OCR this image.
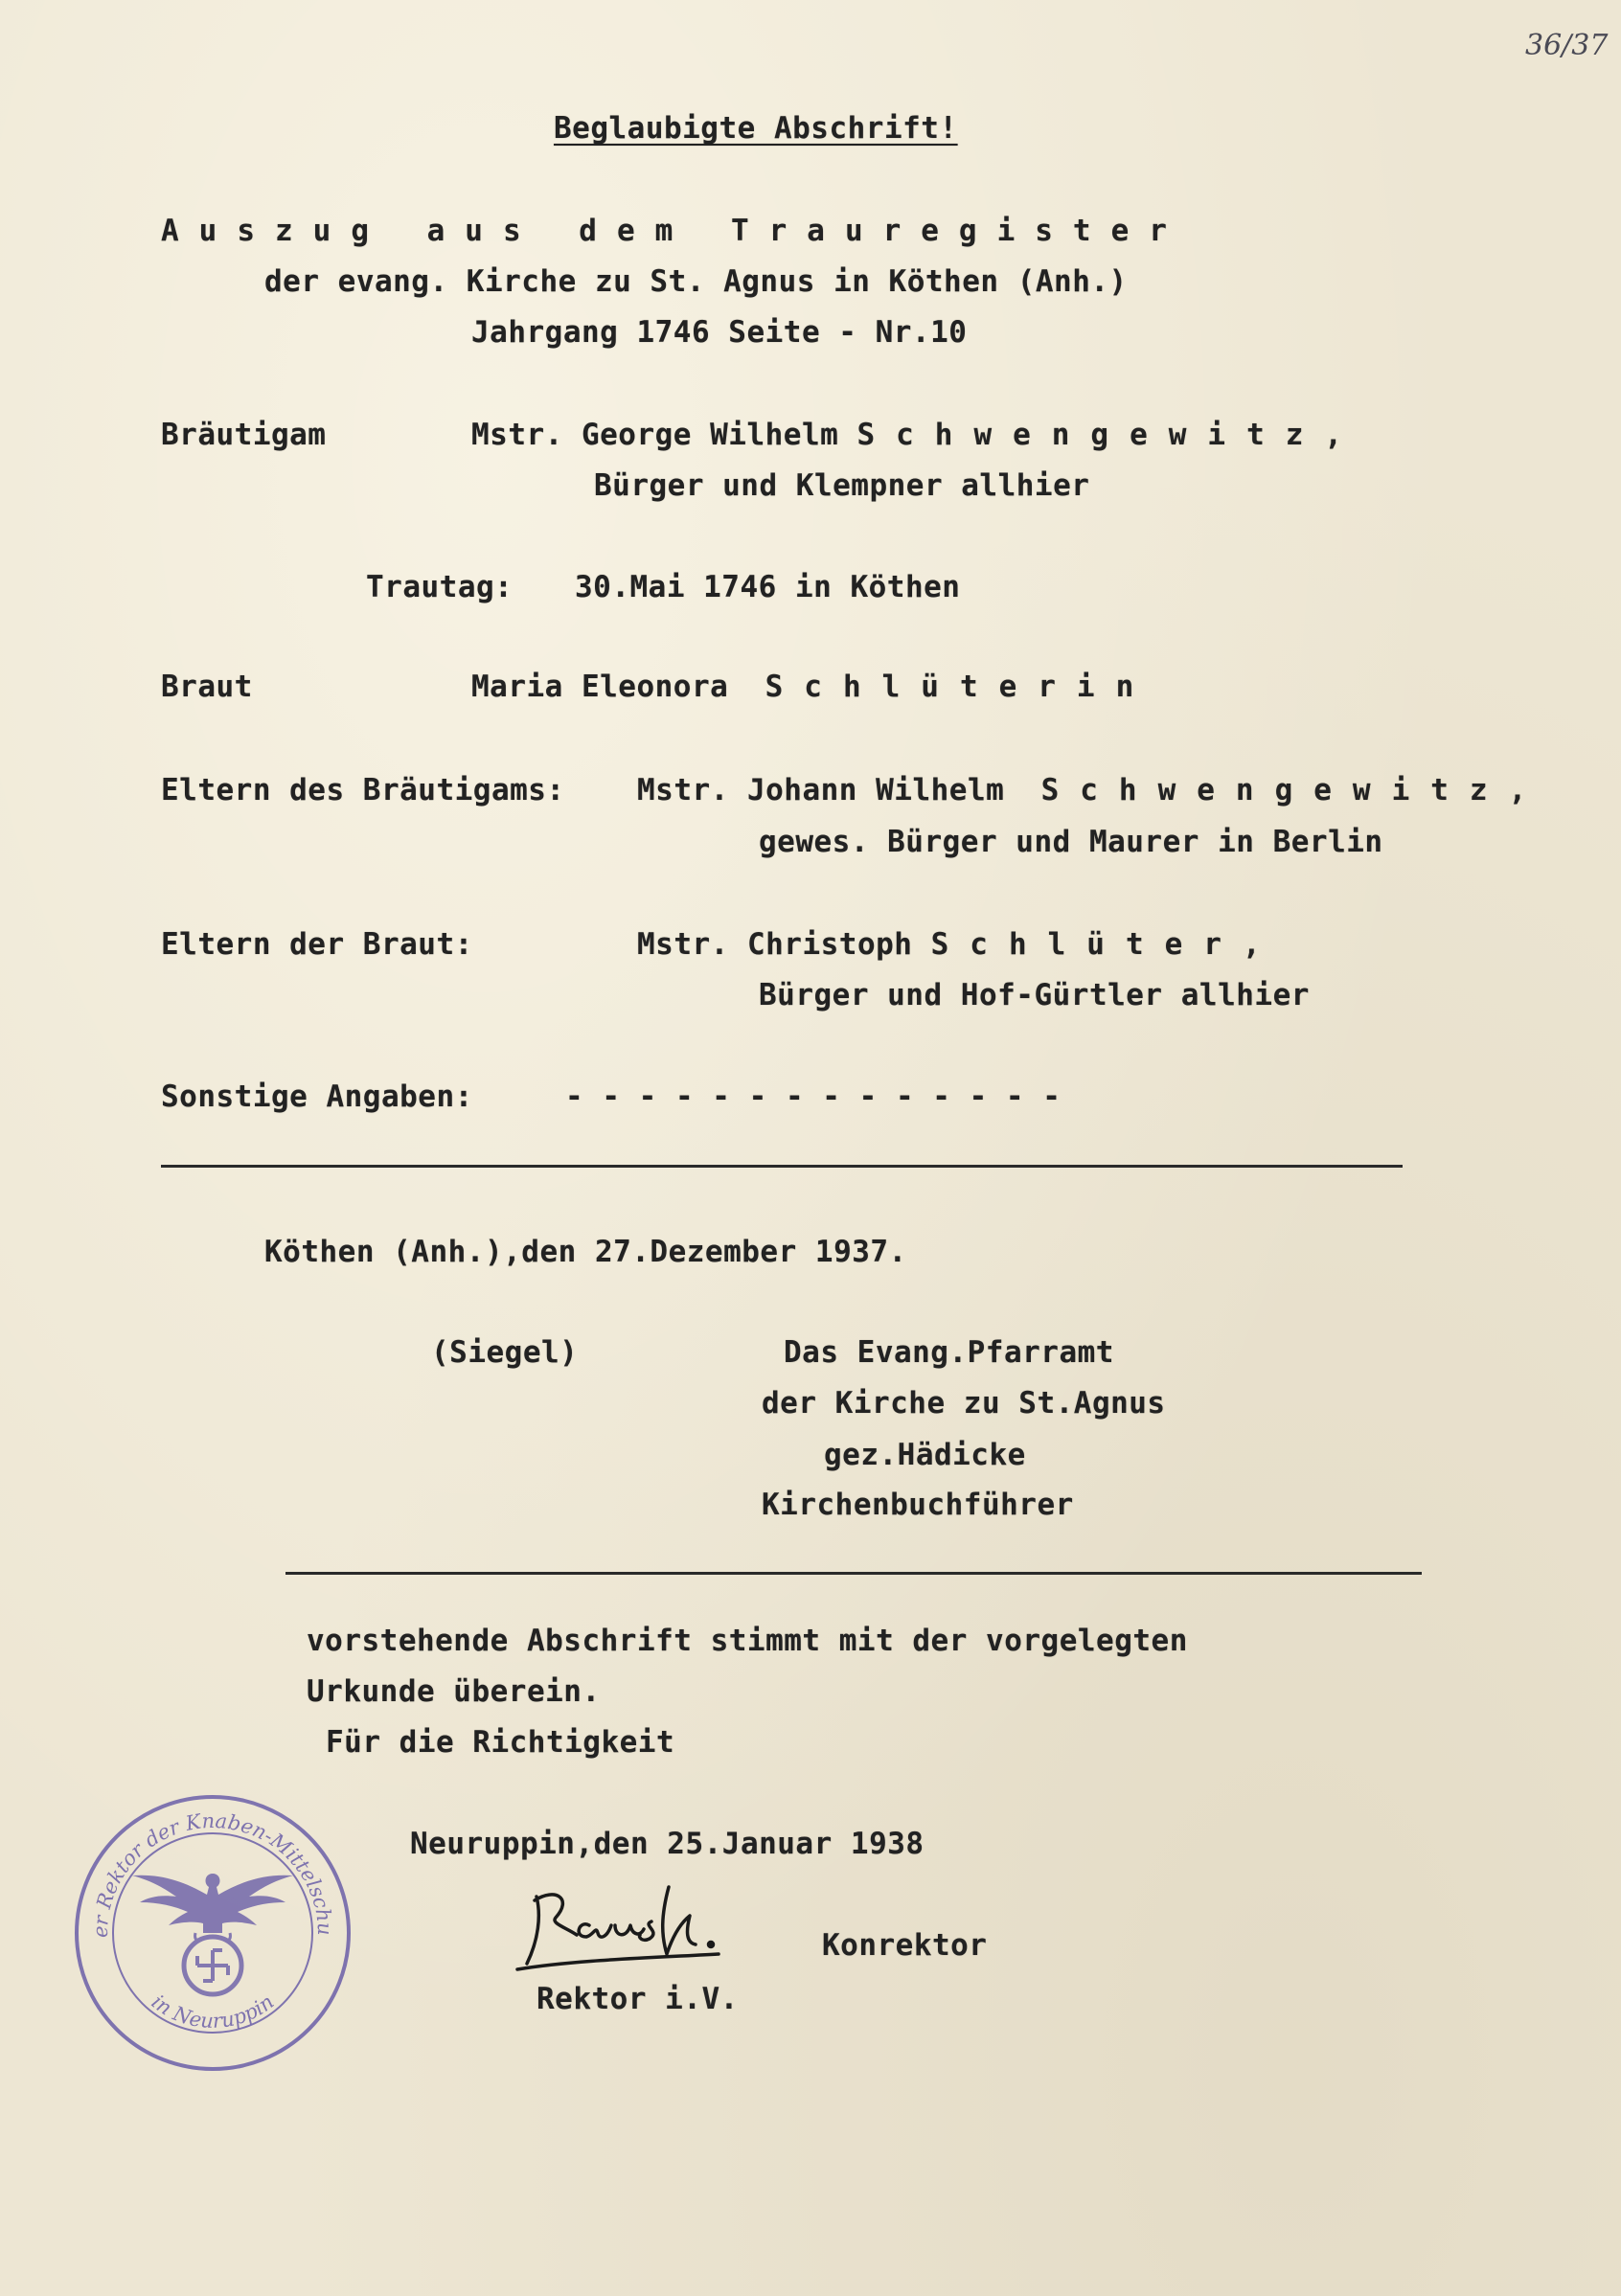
36/37
Beglaubigte Abschrift!
Auszug aus dem Trauregister
der evang. Kirche zu St. Agnus in Köthen (Anh.)
Jahrgang 1746 Seite - Nr.10
Bräutigam	Mstr. George Wilhelm Schwengewitz,
Bürger und Klempner allhier
Trautag: 30.Mai 1746 in Köthen
Braut	Maria Eleonora Schlüterin
Eltern des Bräutigams: Mstr. Johann Wilhelm Schwengewitz,
gewes. Bürger und Maurer in Berlin
Eltern der Braut:	Mstr. Christoph Schlüter,
Bürger und Hof-Gürtler allhier
Sonstige Angaben:	- - - - - - - - - - - - - -
Köthen (Anh.),den 27.Dezember 1937.
(Siegel)	Das Evang.Pfarramt
der Kirche zu St.Agnus
gez.Hädicke
Kirchenbuchführer
vorstehende Abschrift stimmt mit der vorgelegten
Urkunde überein.
Für die Richtigkeit
Neuruppin,den 25.Januar 1938
Konrektor
Rektor i.V.
Der Rektor der Knaben-Mittelschule
in Neuruppin
